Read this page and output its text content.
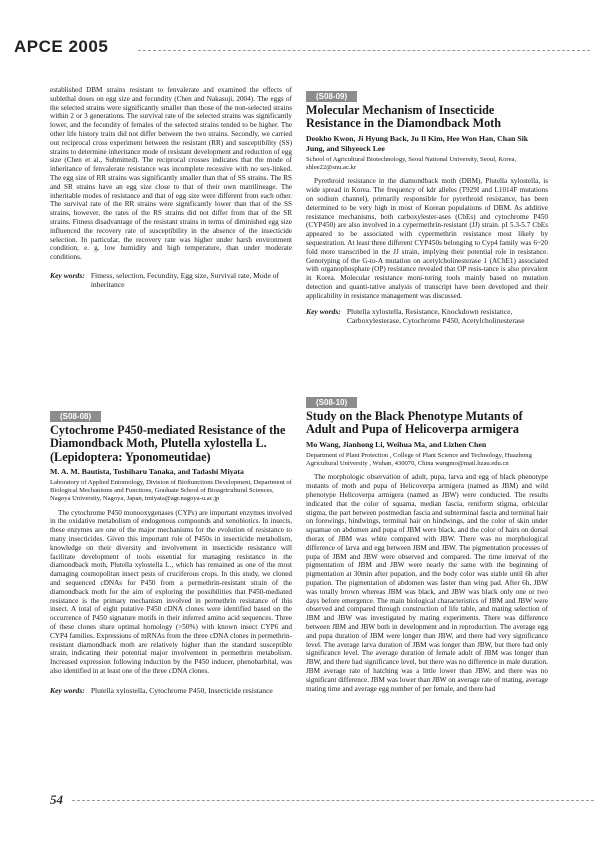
APCE 2005

established DBM strains resistant to fenvalerate and examined the effects of sublethal doses on egg size and fecundity (Chen and Nakasuji, 2004). The eggs of the selected strains were significantly smaller than those of the non-selected strains within 2 or 3 generations. The survival rate of the selected strains was significantly lower, and the fecundity of females of the selected strains tended to be higher. The other life history traits did not differ between the two strains. Secondly, we carried out reciprocal cross experiment between the resistant (RR) and susceptibility (SS) strains to determine inheritance mode of resistant development and reduction of egg size (Chen et al., Submitted). The reciprocal crosses indicates that the mode of inheritance of fenvalerate resistance was incomplete recessive with no sex-linked. The egg size of RR strains was significantly smaller than that of SS strains. The RS and SR strains have an egg size close to that of their own matrilineage. The inheritable modes of resistance and that of egg size were different from each other. The survival rate of the RR strains were significantly lower than that of the SS strains, however, the rates of the RS strains did not differ from that of the SR strains. Fitness disadvantage of the resistant strains in terms of diminished egg size influenced the recovery rate of susceptibility in the absence of the insecticide selection. In particular, the recovery rate was higher under harsh environment condition, e. g. low humidity and high temperature, than under moderate conditions.

Key words: Fitness, selection, Fecundity, Egg size, Survival rate, Mode of inheritance

(S08-08)

Cytochrome P450-mediated Resistance of the Diamondback Moth, Plutella xylostella L. (Lepidoptera: Yponomeutidae)

M. A. M. Bautista, Toshiharu Tanaka, and Tadashi Miyata

Laboratory of Applied Entomology, Division of Bioﬁunctions Development, Department of Biological Mechanisms and Functions, Graduate School of Bioagricultural Sciences, Nagoya University, Nagoya, Japan, tmiyata@agr.nagoya-u.ac.jp

The cytochrome P450 monooxygenases (CYPs) are important enzymes involved in the oxidative metabolism of endogenous compounds and xenobiotics. In insects, these enzymes are one of the major mechanisms for the evolution of resistance to many insecticides. Given this important role of P450s in insecticide metabolism, knowledge on their diversity and involvement in insecticide resistance will facilitate development of tools essential for managing resistance in the diamondback moth, Plutella xylostella L., which has remained as one of the most damaging cosmopolitan insect pests of cruciferous crops. In this study, we cloned and sequenced cDNAs for P450 from a permethrin-resistant strain of the diamondback moth for the aim of exploring the possibilities that P450-mediated resistance is the primary mechanism involved in permethrin resistance of this insect. A total of eight putative P450 cDNA clones were identified based on the occurrence of P450 signature motifs in their inferred amino acid sequences. Three of these clones share optimal homology (>50%) with known insect CYP6 and CYP4 families. Expressions of mRNAs from the three cDNA clones in permethrin-resistant diamondback moth are relatively higher than the standard susceptible strain, indicating their potential major involvement in permethrin metabolism. Increased expression following induction by the P450 inducer, phenobarbital, was also identified in at least one of the three cDNA clones.

Key words: Plutella xylostella, Cytochrome P450, Insecticide resistance

(S08-09)

Molecular Mechanism of Insecticide Resistance in the Diamondback Moth

Deokho Kwon, Ji Hyung Back, Ju Il Kim, Hee Won Han, Chan Sik Jung, and Sihyeock Lee

School of Agricultural Biotechnology, Seoul National University, Seoul, Korea, shlee22@snu.ac.kr

Pyrethroid resistance in the diamondback moth (DBM), Plutella xylostella, is wide spread in Korea. The frequency of kdr alleles (T929I and L1014F mutations on sodium channel), primarily responsible for pyrethroid resistance, has been determined to be very high in most of Korean populations of DBM. As additive resistance mechanisms, both carboxylester-ases (CbEs) and cytochrome P450 (CYP450) are also involved in a cypermethrin-resistant (JJ) strain. pI 5.3-5.7 CbEs appeared to be associated with cypermethrin resistance most likely by sequestration. At least three different CYP450s belonging to Cyp4 family was 6~20 fold more transcribed in the JJ strain, implying their potential role in resistance. Genotyping of the G-to-A mutation on acetylcholinesterase 1 (AChE1) associated with organophosphate (OP) resistance revealed that OP resis-tance is also prevalent in Korea. Molecular resistance moni-toring tools mainly based on mutation detection and quanti-tative analysis of transcript have been developed and their applicability in resistance management was discussed.

Key words: Plutella xylostella, Resistance, Knockdown resistance, Carboxylesterase, Cytochrome P450, Acetylcholinesterase

(S08-10)

Study on the Black Phenotype Mutants of Adult and Pupa of Helicoverpa armigera

Mo Wang, Jianhong Li, Weihua Ma, and Lizhen Chen

Department of Plant Protection , College of Plant Science and Technology, Huazhong Agricultural University , Wuhan, 430070, China wangmo@mail.hzau.edu.cn

The morphologic observation of adult, pupa, larva and egg of black phenotype mutants of moth and pupa of Helicoverpa armigera (named as JBM) and wild phenotype Helicoverpa armigera (named as JBW) were conducted. The results indicated that the color of squama, median fascia, reniform stigma, orbicular stigma, the part between postmedian fascia and subterminal fascia and terminal hair on forewings, hindwings, terminal hair on hindwings, and the color of skin under squamae on abdomen and pupa of JBM were black, and the color of hairs on dorsal thorax of JBM was white compared with JBW. There was no morphological difference of larva and egg between JBM and JBW. The pigmentation processes of pupa of JBM and JBW were observed and compared. The time interval of the pigmentation of JBM and JBW were nearly the same with the beginning of pigmentation at 30min after pupation, and the body color was stable until 6h after pupation. The pigmentation of abdomen was faster than wing pad. After 6h, JBW was totally brown whereas JBM was black, and JBW was black only one or two days before emergence. The main biological characteristics of JBM and JBW were observed and compared through construction of life table, and mating selection of JBM and JBW was investigated by mating experiments. There was difference between JBM and JBW both in development and in reproduction. The average egg and pupa duration of JBM were longer than JBW, and there had very significance level. The average larva duration of JBM was longer than JBW, but there had only significance level. The average duration of female adult of JBM was longer than JBW, and there had significance level, but there was no difference in male duration. JBM average rate of hatching was a little lower than JBW, and there was no significant difference. JBM was lower than JBW on average rate of mating, average mating time and average egg number of per female, and there had

54
